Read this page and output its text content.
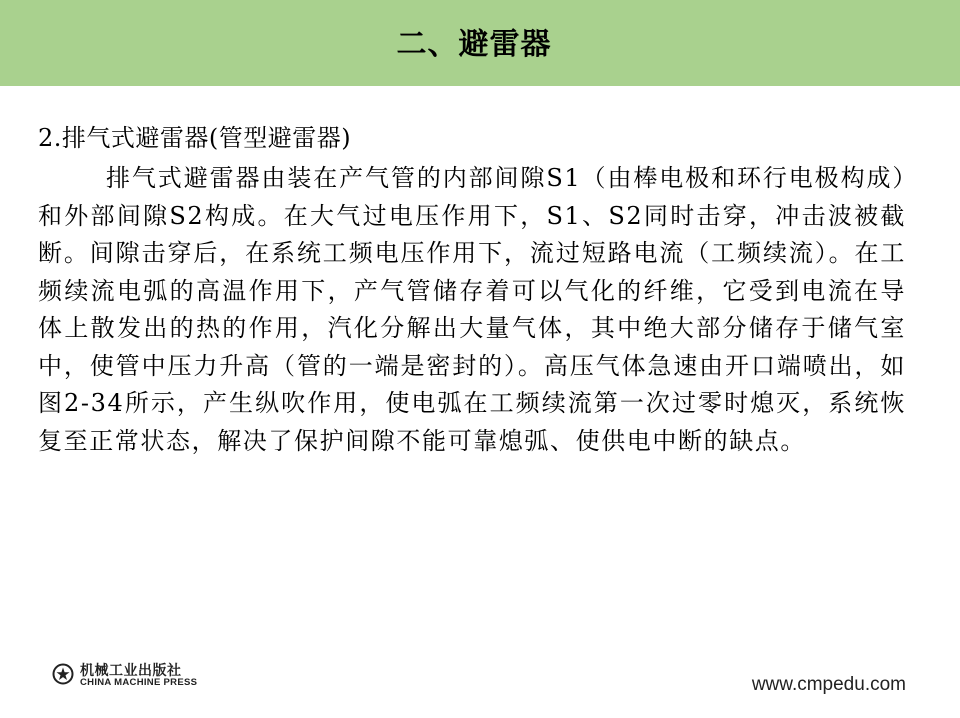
二、避雷器

2.排气式避雷器(管型避雷器)

排气式避雷器由装在产气管的内部间隙S1（由棒电极和环行电极构成）和外部间隙S2构成。在大气过电压作用下，S1、S2同时击穿，冲击波被截断。间隙击穿后，在系统工频电压作用下，流过短路电流（工频续流）。在工频续流电弧的高温作用下，产气管储存着可以气化的纤维，它受到电流在导体上散发出的热的作用，汽化分解出大量气体，其中绝大部分储存于储气室中，使管中压力升高（管的一端是密封的）。高压气体急速由开口端喷出，如图2-34所示，产生纵吹作用，使电弧在工频续流第一次过零时熄灭，系统恢复至正常状态，解决了保护间隙不能可靠熄弧、使供电中断的缺点。

机械工业出版社
CHINA MACHINE PRESS	www.cmpedu.com
